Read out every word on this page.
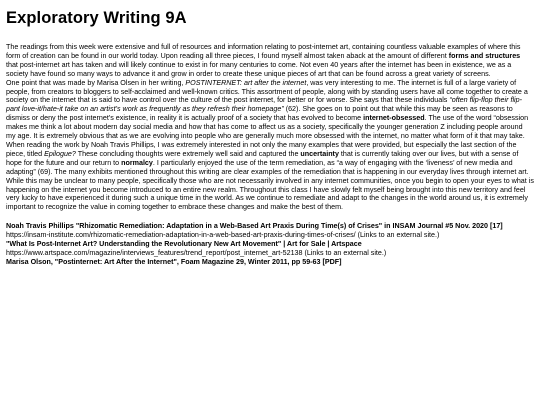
Exploratory Writing 9A

The readings from this week were extensive and full of resources and information relating to post-internet art, containing countless valuable examples of where this form of creation can be found in our world today. Upon reading all three pieces, I found myself almost taken aback at the amount of different forms and structures that post-internet art has taken and will likely continue to exist in for many centuries to come. Not even 40 years after the internet has been in existence, we as a society have found so many ways to advance it and grow in order to create these unique pieces of art that can be found across a great variety of screens.

One point that was made by Marisa Olsen in her writing, POSTINTERNET: art after the internet, was very interesting to me. The internet is full of a large variety of people, from creators to bloggers to self-acclaimed and well-known critics. This assortment of people, along with by standing users have all come together to create a society on the internet that is said to have control over the culture of the post internet, for better or for worse. She says that these individuals “often flip-flop their flip-pant love-it/hate-it take on an artist’s work as frequently as they refresh their homepage” (62). She goes on to point out that while this may be seen as reasons to dismiss or deny the post internet’s existence, in reality it is actually proof of a society that has evolved to become internet-obsessed. The use of the word “obsession makes me think a lot about modern day social media and how that has come to affect us as a society, specifically the younger generation Z including people around my age. It is extremely obvious that as we are evolving into people who are generally much more obsessed with the internet, no matter what form of it that may take.

When reading the work by Noah Travis Phillips, I was extremely interested in not only the many examples that were provided, but especially the last section of the piece, titled Epilogue? These concluding thoughts were extremely well said and captured the uncertainty that is currently taking over our lives, but with a sense of hope for the future and our return to normalcy. I particularly enjoyed the use of the term remediation, as “a way of engaging with the ‘liveness’ of new media and adapting” (69). The many exhibits mentioned throughout this writing are clear examples of the remediation that is happening in our everyday lives through internet art. While this may be unclear to many people, specifically those who are not necessarily involved in any internet communities, once you begin to open your eyes to what is happening on the internet you become introduced to an entire new realm. Throughout this class I have slowly felt myself being brought into this new territory and feel very lucky to have experienced it during such a unique time in the world. As we continue to remediate and adapt to the changes in the world around us, it is extremely important to recognize the value in coming together to embrace these changes and make the best of them.

Noah Travis Phillips "Rhizomatic Remediation: Adaptation in a Web-Based Art Praxis During Time(s) of Crises" in INSAM Journal #5 Nov. 2020 [17]
https://insam-institute.com/rhizomatic-remediation-adaptation-in-a-web-based-art-praxis-during-times-of-crises/ (Links to an external site.)
"What Is Post-Internet Art? Understanding the Revolutionary New Art Movement" | Art for Sale | Artspace
https://www.artspace.com/magazine/interviews_features/trend_report/post_internet_art-52138 (Links to an external site.)
Marisa Olson, "Postinternet: Art After the Internet", Foam Magazine 29, Winter 2011, pp 59-63 [PDF]
